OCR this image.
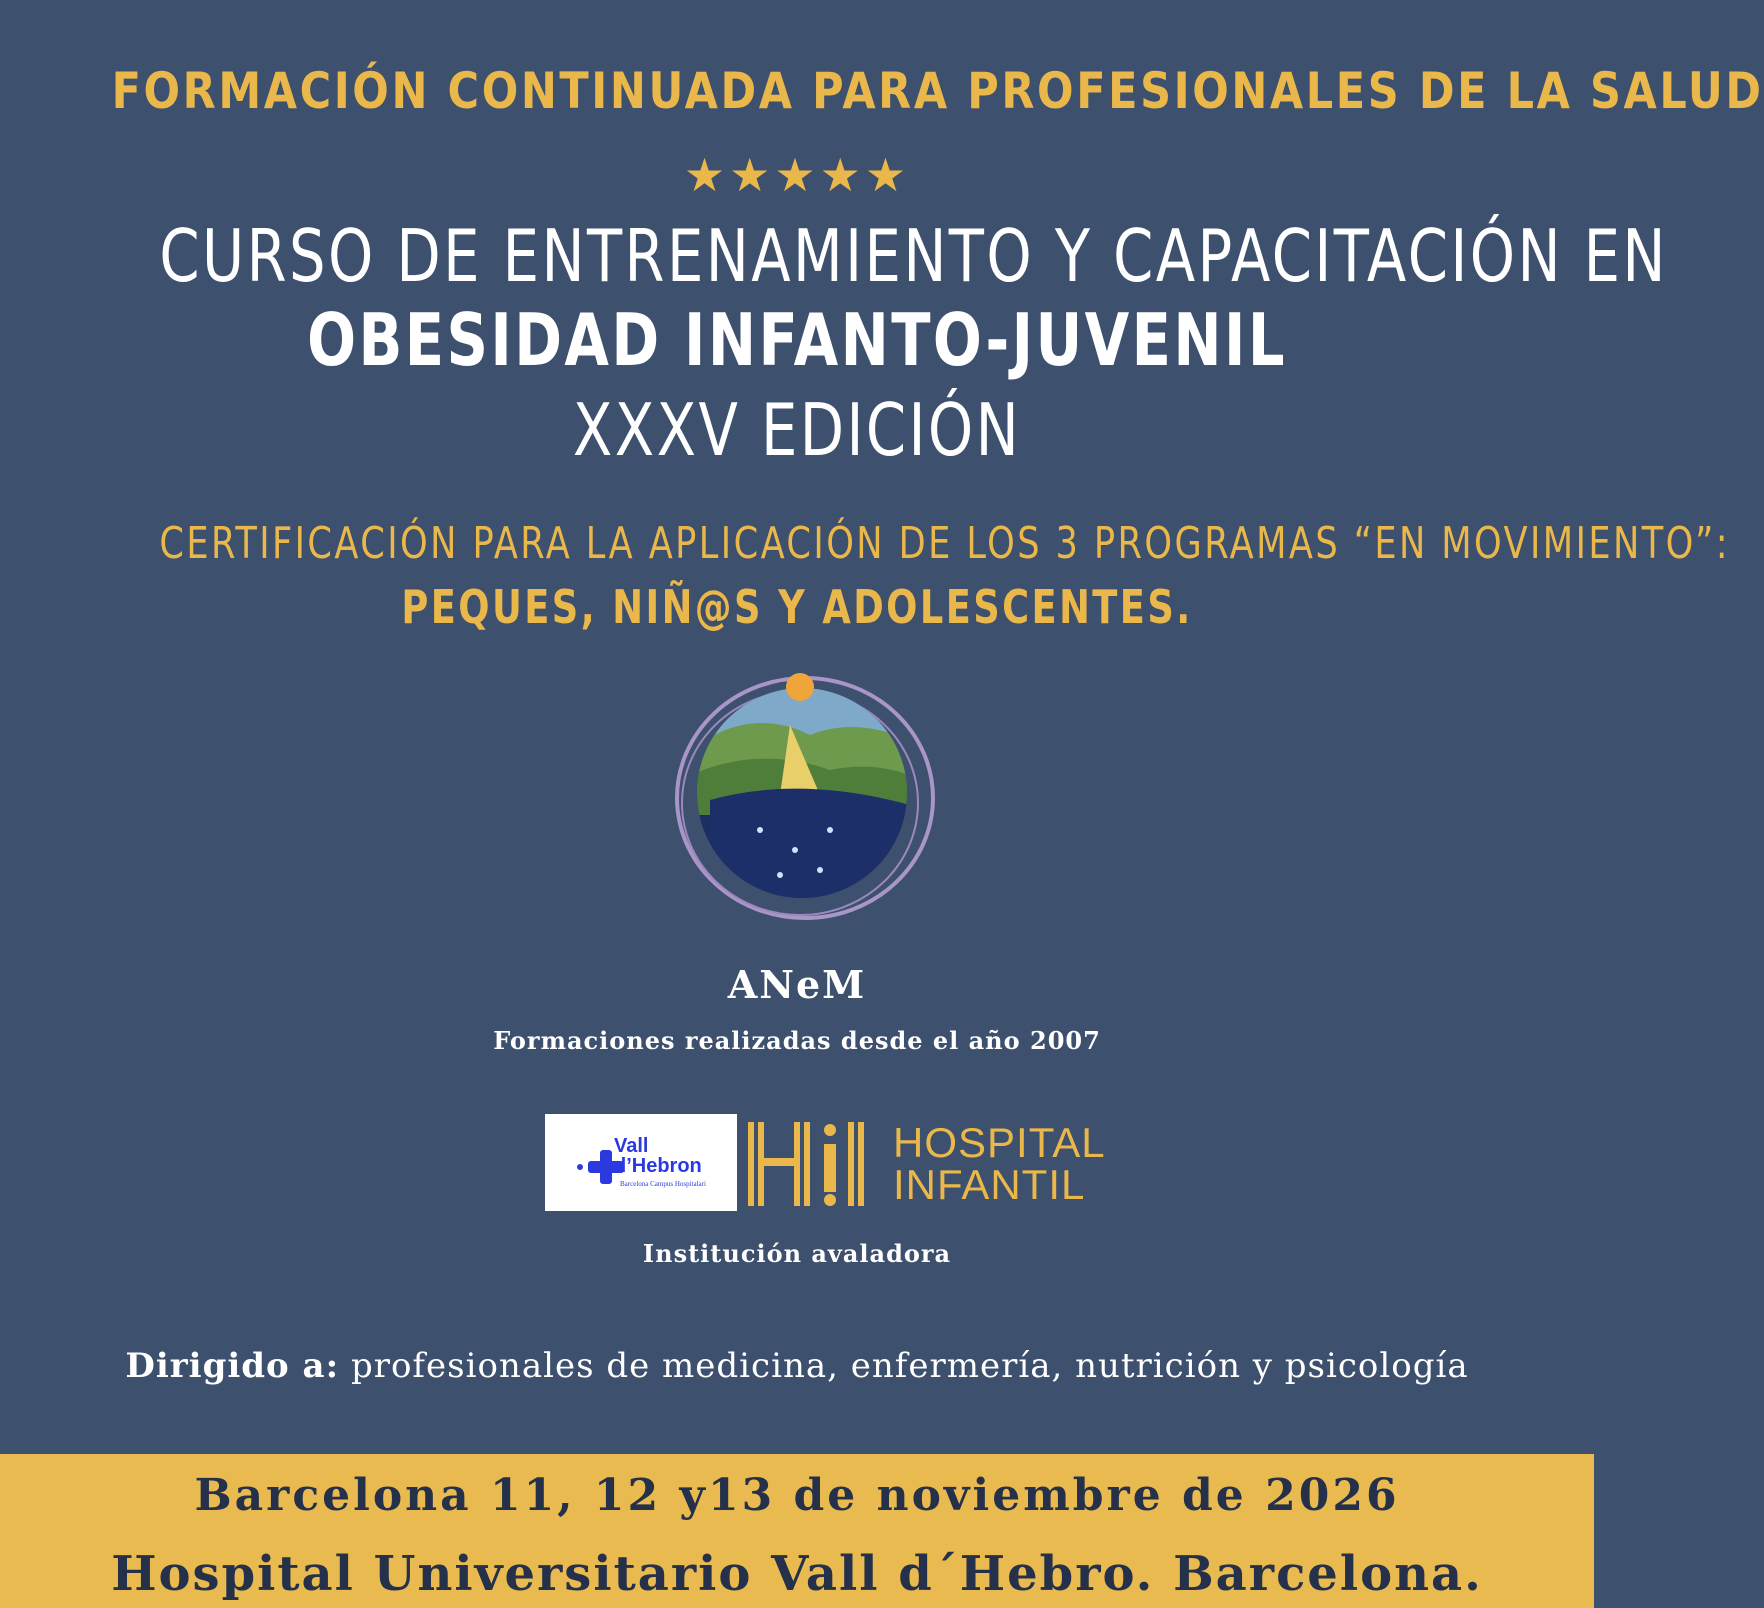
FORMACIÓN CONTINUADA PARA PROFESIONALES DE LA SALUD
★★★★★
CURSO DE ENTRENAMIENTO Y CAPACITACIÓN EN
OBESIDAD INFANTO-JUVENIL
XXXV EDICIÓN
CERTIFICACIÓN PARA LA APLICACIÓN DE LOS 3 PROGRAMAS “EN MOVIMIENTO”:
PEQUES, NIÑ@S Y ADOLESCENTES.
ANeM
Formaciones realizadas desde el año 2007
Vall
d’Hebron
Barcelona Campus Hospitalari
HOSPITAL
INFANTIL
Institución avaladora
Dirigido a: profesionales de medicina, enfermería, nutrición y psicología
Barcelona 11, 12 y13 de noviembre de 2026
Hospital Universitario Vall d´Hebro. Barcelona.
